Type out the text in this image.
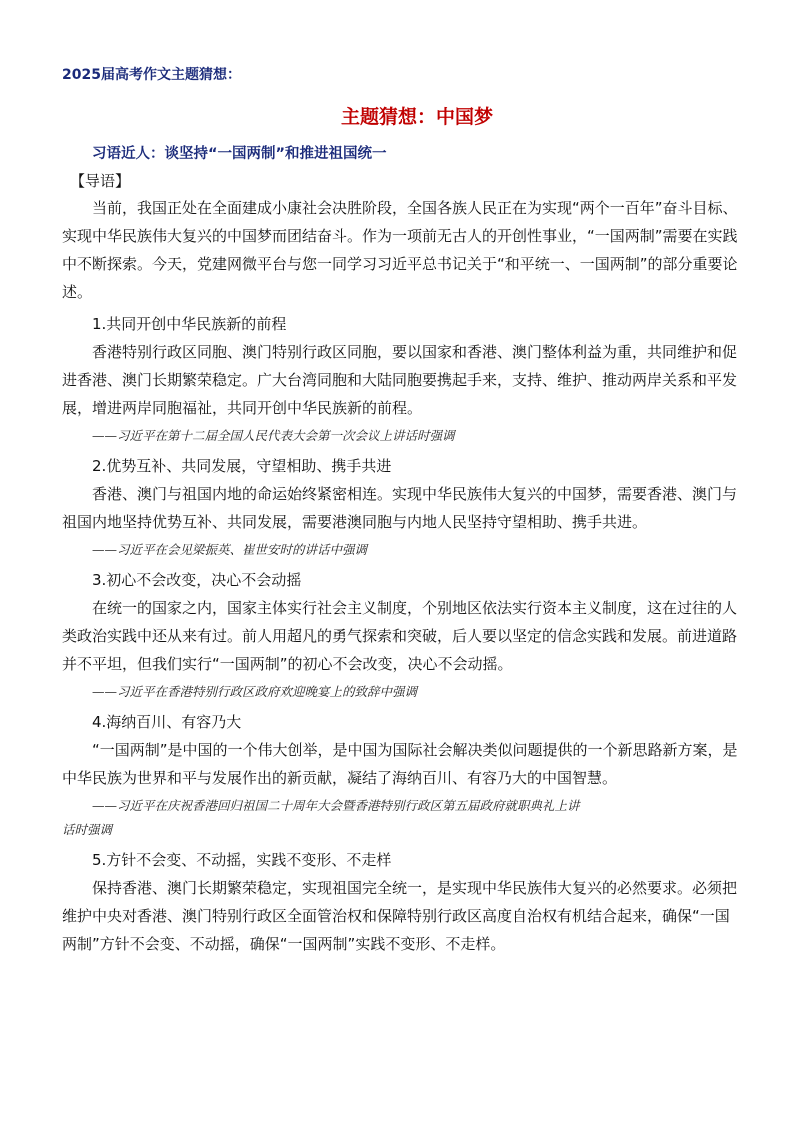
2025届高考作文主题猜想：
主题猜想：中国梦
习语近人：谈坚持“一国两制”和推进祖国统一

【导语】

当前，我国正处在全面建成小康社会决胜阶段，全国各族人民正在为实现“两个一百年”奋斗目标、实现中华民族伟大复兴的中国梦而团结奋斗。作为一项前无古人的开创性事业，“一国两制”需要在实践中不断探索。今天，党建网微平台与您一同学习习近平总书记关于“和平统一、一国两制”的部分重要论述。

1.共同开创中华民族新的前程

香港特别行政区同胞、澳门特别行政区同胞，要以国家和香港、澳门整体利益为重，共同维护和促进香港、澳门长期繁荣稳定。广大台湾同胞和大陆同胞要携起手来，支持、维护、推动两岸关系和平发展，增进两岸同胞福祉，共同开创中华民族新的前程。

——习近平在第十二届全国人民代表大会第一次会议上讲话时强调

2.优势互补、共同发展，守望相助、携手共进

香港、澳门与祖国内地的命运始终紧密相连。实现中华民族伟大复兴的中国梦，需要香港、澳门与祖国内地坚持优势互补、共同发展，需要港澳同胞与内地人民坚持守望相助、携手共进。

——习近平在会见梁振英、崔世安时的讲话中强调

3.初心不会改变，决心不会动摇

在统一的国家之内，国家主体实行社会主义制度，个别地区依法实行资本主义制度，这在过往的人类政治实践中还从来有过。前人用超凡的勇气探索和突破，后人要以坚定的信念实践和发展。前进道路并不平坦，但我们实行“一国两制”的初心不会改变，决心不会动摇。

——习近平在香港特别行政区政府欢迎晚宴上的致辞中强调

4.海纳百川、有容乃大

“一国两制”是中国的一个伟大创举，是中国为国际社会解决类似问题提供的一个新思路新方案，是中华民族为世界和平与发展作出的新贡献，凝结了海纳百川、有容乃大的中国智慧。

——习近平在庆祝香港回归祖国二十周年大会暨香港特别行政区第五届政府就职典礼上讲
话时强调

5.方针不会变、不动摇，实践不变形、不走样

保持香港、澳门长期繁荣稳定，实现祖国完全统一，是实现中华民族伟大复兴的必然要求。必须把维护中央对香港、澳门特别行政区全面管治权和保障特别行政区高度自治权有机结合起来，确保“一国两制”方针不会变、不动摇，确保“一国两制”实践不变形、不走样。
